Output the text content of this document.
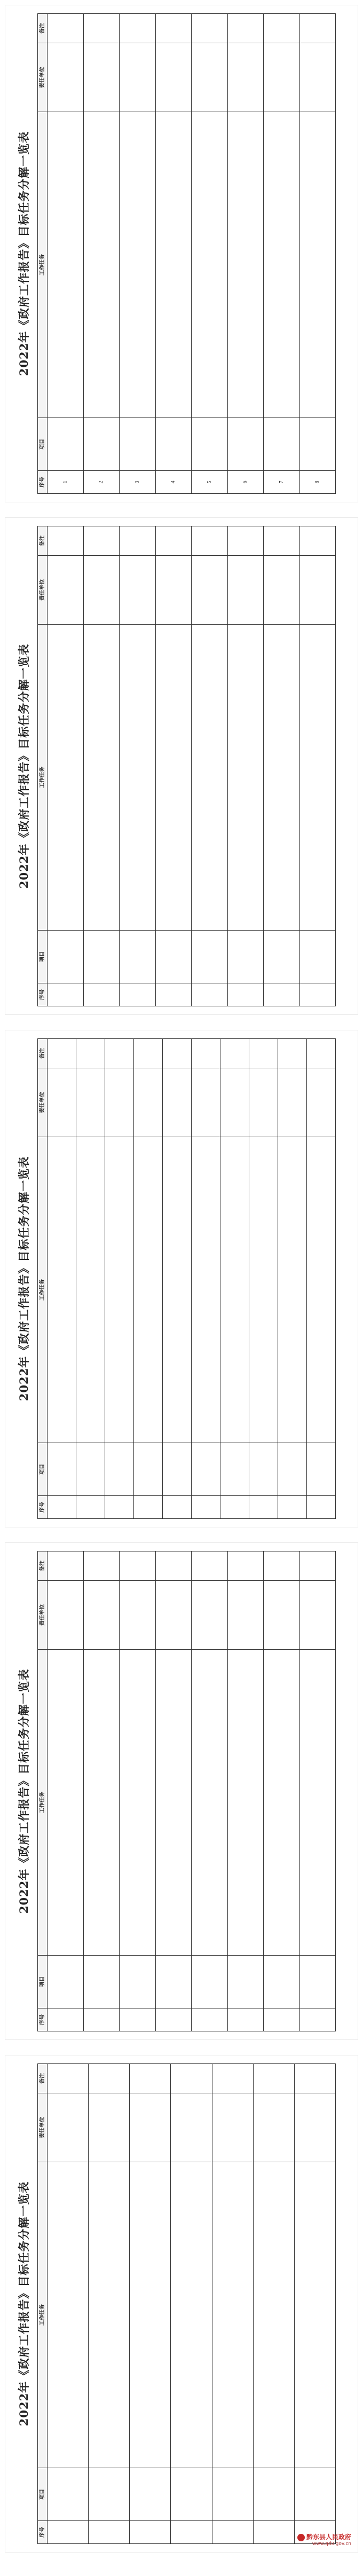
2022年《政府工作报告》目标任务分解一览表
序号	项目	工作任务	责任单位	备注
1				
2				
3				
4				
5				
6				
7				
8				
2022年《政府工作报告》目标任务分解一览表
序号	项目	工作任务	责任单位	备注

2022年《政府工作报告》目标任务分解一览表
序号	项目	工作任务	责任单位	备注

2022年《政府工作报告》目标任务分解一览表
序号	项目	工作任务	责任单位	备注

2022年《政府工作报告》目标任务分解一览表
序号	项目	工作任务	责任单位	备注

黔东县人民政府
www.qdx.gov.cn
